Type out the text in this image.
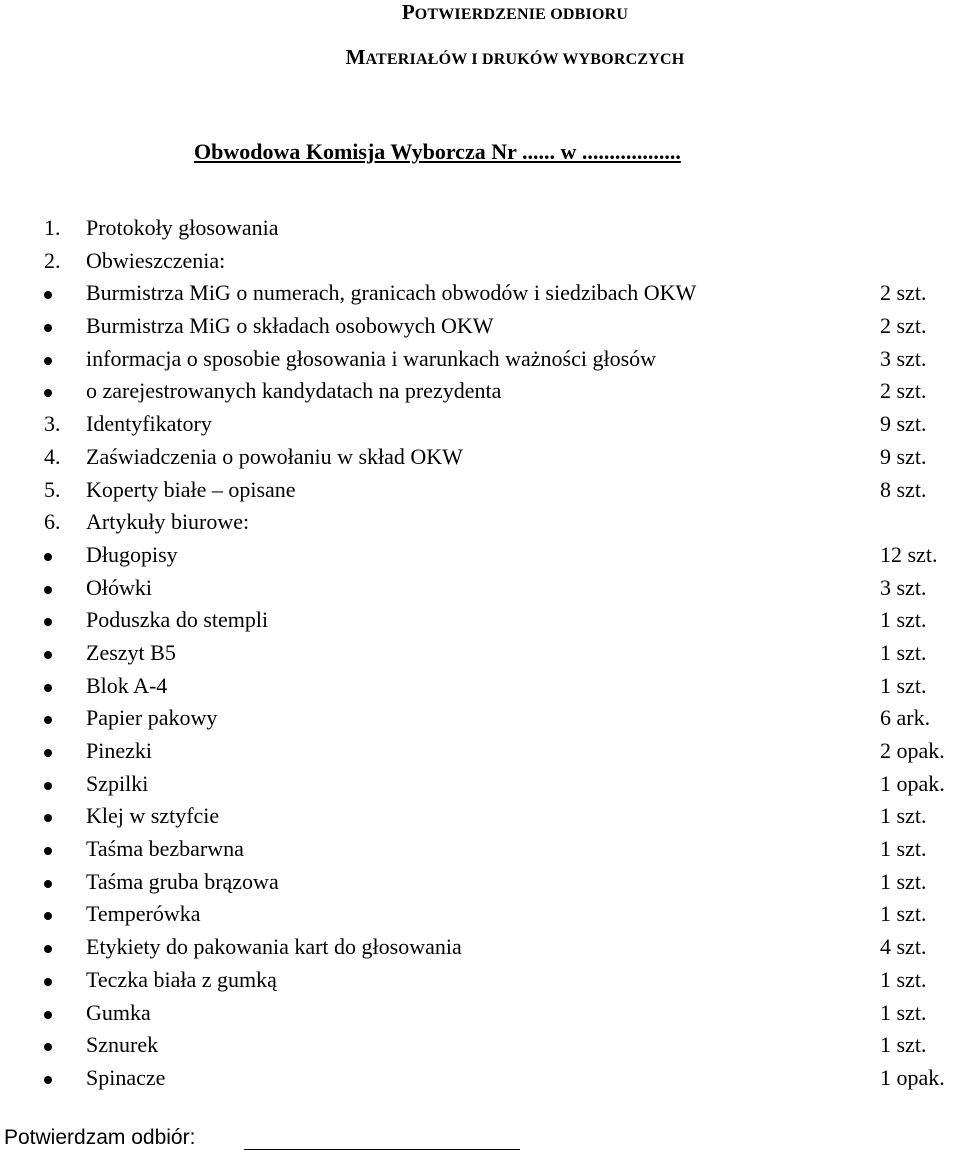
POTWIERDZENIE ODBIORU
MATERIAŁÓW I DRUKÓW WYBORCZYCH
Obwodowa Komisja Wyborcza Nr ...... w ..................
1. Protokoły głosowania
2. Obwieszczenia:
Burmistrza MiG o numerach, granicach obwodów i siedzibach OKW	2 szt.
Burmistrza MiG o składach osobowych OKW	2 szt.
informacja o sposobie głosowania i warunkach ważności głosów	3 szt.
o zarejestrowanych kandydatach na prezydenta	2 szt.
3. Identyfikatory	9 szt.
4. Zaświadczenia o powołaniu w skład OKW	9 szt.
5. Koperty białe – opisane	8 szt.
6. Artykuły biurowe:
Długopisy	12 szt.
Ołówki	3 szt.
Poduszka do stempli	1 szt.
Zeszyt B5	1 szt.
Blok A-4	1 szt.
Papier pakowy	6 ark.
Pinezki	2 opak.
Szpilki	1 opak.
Klej w sztyfcie	1 szt.
Taśma bezbarwna	1 szt.
Taśma gruba brązowa	1 szt.
Temperówka	1 szt.
Etykiety do pakowania kart do głosowania	4 szt.
Teczka biała z gumką	1 szt.
Gumka	1 szt.
Sznurek	1 szt.
Spinacze	1 opak.
Potwierdzam odbiór:
